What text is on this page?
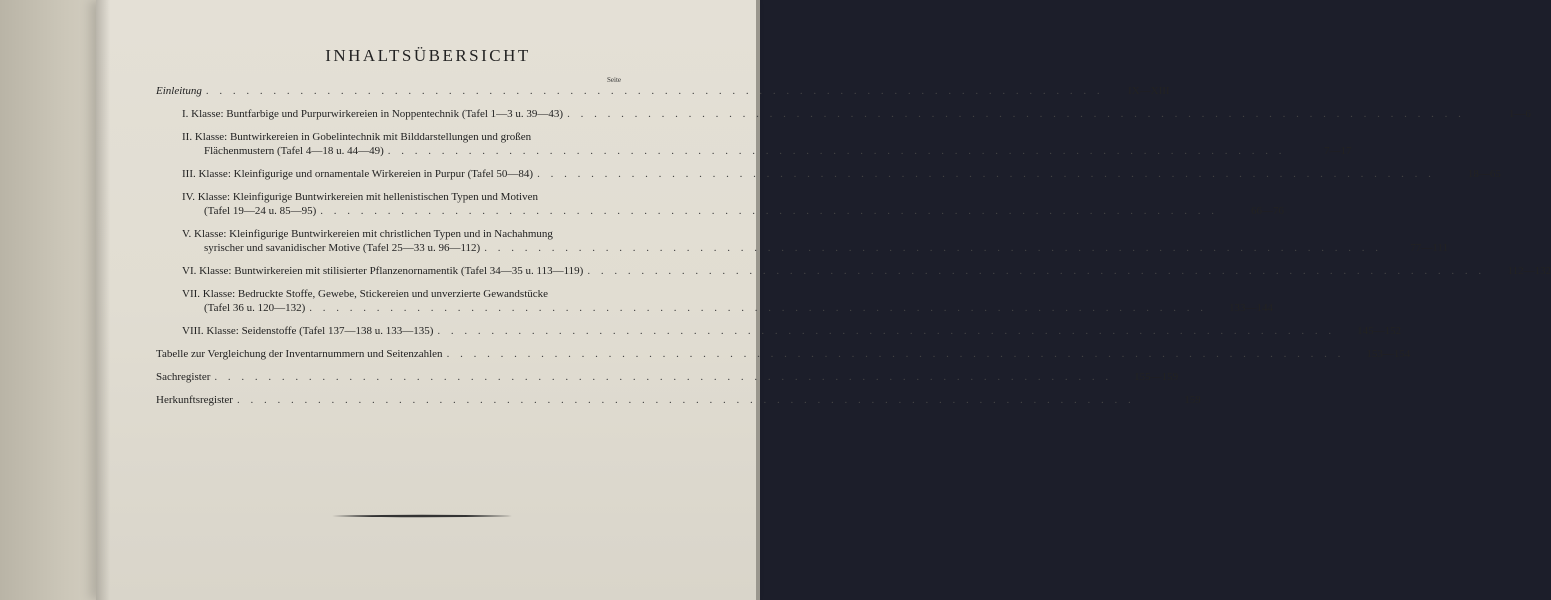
INHALTSÜBERSICHT
Seite
Einleitung . . .	IX—XIII
I. Klasse: Buntfarbige und Purpurwirkereien in Noppentechnik (Tafel 1—3 u. 39—43) . . .	1—6
II. Klasse: Buntwirkereien in Gobelintechnik mit Bilddarstellungen und großen
Flächenmustern (Tafel 4—18 u. 44—49) . . .	7—17
III. Klasse: Kleinfigurige und ornamentale Wirkereien in Purpur (Tafel 50—84) . . .	18—65
IV. Klasse: Kleinfigurige Buntwirkereien mit hellenistischen Typen und Motiven
(Tafel 19—24 u. 85—95) . . .	66—76
V. Klasse: Kleinfigurige Buntwirkereien mit christlichen Typen und in Nachahmung
syrischer und savanidischer Motive (Tafel 25—33 u. 96—112) . . .	77—111
VI. Klasse: Buntwirkereien mit stilisierter Pflanzenornamentik (Tafel 34—35 u. 113—119) . . .	112—132
VII. Klasse: Bedruckte Stoffe, Gewebe, Stickereien und unverzierte Gewandstücke
(Tafel 36 u. 120—132) . . .	133—144
VIII. Klasse: Seidenstoffe (Tafel 137—138 u. 133—135) . . .	145—152
Tabelle zur Vergleichung der Inventarnummern und Seitenzahlen . . .	153—154
Sachregister . . .	155—159
Herkunftsregister . . .	159
